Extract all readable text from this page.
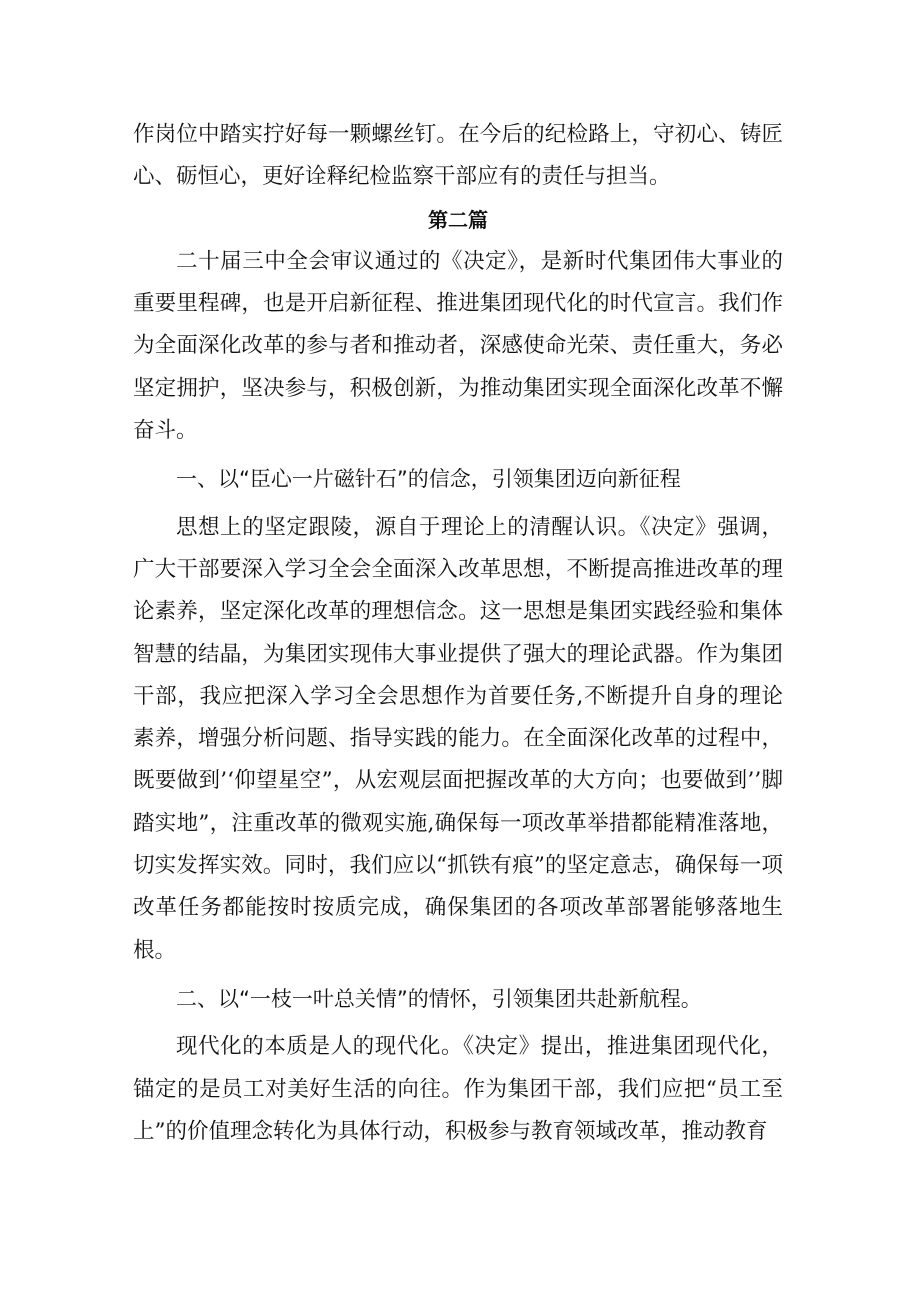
作岗位中踏实拧好每一颗螺丝钉。在今后的纪检路上，守初心、铸匠心、砺恒心，更好诠释纪检监察干部应有的责任与担当。

第二篇

二十届三中全会审议通过的《决定》，是新时代集团伟大事业的重要里程碑，也是开启新征程、推进集团现代化的时代宣言。我们作为全面深化改革的参与者和推动者，深感使命光荣、责任重大，务必坚定拥护，坚决参与，积极创新，为推动集团实现全面深化改革不懈奋斗。

一、以“臣心一片磁针石”的信念，引领集团迈向新征程

思想上的坚定跟陵，源自于理论上的清醒认识。《决定》强调，广大干部要深入学习全会全面深入改革思想，不断提高推进改革的理论素养，坚定深化改革的理想信念。这一思想是集团实践经验和集体智慧的结晶，为集团实现伟大事业提供了强大的理论武器。作为集团干部，我应把深入学习全会思想作为首要任务,不断提升自身的理论素养，增强分析问题、指导实践的能力。在全面深化改革的过程中，既要做到’‘仰望星空”，从宏观层面把握改革的大方向；也要做到’’脚踏实地”，注重改革的微观实施,确保每一项改革举措都能精准落地，切实发挥实效。同时，我们应以“抓铁有痕”的坚定意志，确保每一项改革任务都能按时按质完成，确保集团的各项改革部署能够落地生根。

二、以“一枝一叶总关情”的情怀，引领集团共赴新航程。

现代化的本质是人的现代化。《决定》提出，推进集团现代化，锚定的是员工对美好生活的向往。作为集团干部，我们应把“员工至上”的价值理念转化为具体行动，积极参与教育领域改革，推动教育
